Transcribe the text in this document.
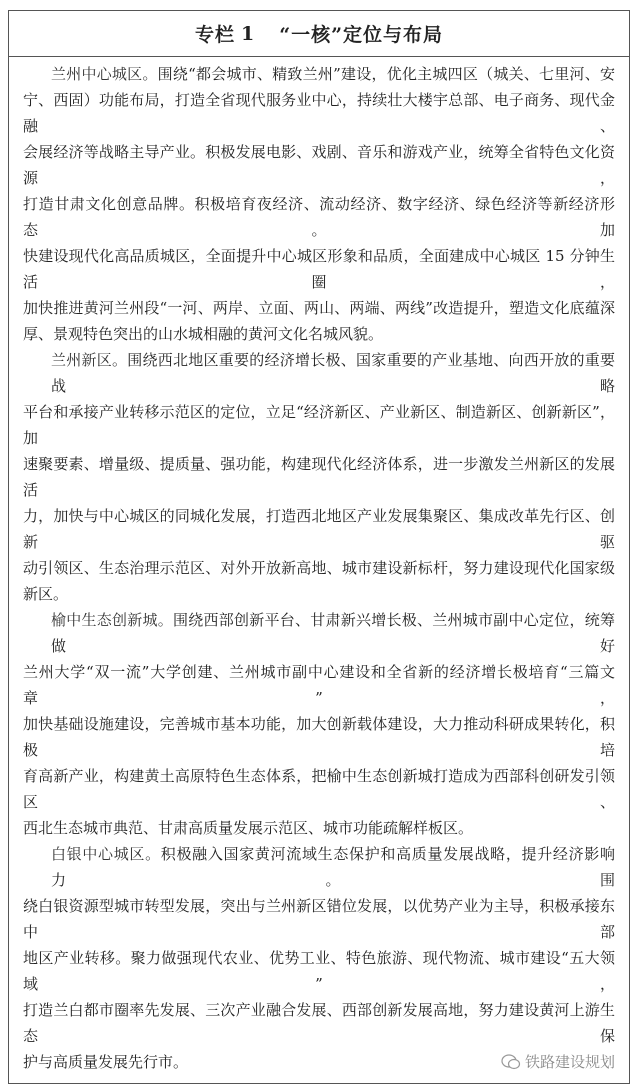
专栏 1 “一核”定位与布局
兰州中心城区。围绕“都会城市、精致兰州”建设，优化主城四区（城关、七里河、安
宁、西固）功能布局，打造全省现代服务业中心，持续壮大楼宇总部、电子商务、现代金融、
会展经济等战略主导产业。积极发展电影、戏剧、音乐和游戏产业，统筹全省特色文化资源，
打造甘肃文化创意品牌。积极培育夜经济、流动经济、数字经济、绿色经济等新经济形态。加
快建设现代化高品质城区，全面提升中心城区形象和品质，全面建成中心城区 15 分钟生活圈，
加快推进黄河兰州段“一河、两岸、立面、两山、两端、两线”改造提升，塑造文化底蕴深
厚、景观特色突出的山水城相融的黄河文化名城风貌。
兰州新区。围绕西北地区重要的经济增长极、国家重要的产业基地、向西开放的重要战略
平台和承接产业转移示范区的定位，立足“经济新区、产业新区、制造新区、创新新区”，加
速聚要素、增量级、提质量、强功能，构建现代化经济体系，进一步激发兰州新区的发展活
力，加快与中心城区的同城化发展，打造西北地区产业发展集聚区、集成改革先行区、创新驱
动引领区、生态治理示范区、对外开放新高地、城市建设新标杆，努力建设现代化国家级新区。
榆中生态创新城。围绕西部创新平台、甘肃新兴增长极、兰州城市副中心定位，统筹做好
兰州大学“双一流”大学创建、兰州城市副中心建设和全省新的经济增长极培育“三篇文章”，
加快基础设施建设，完善城市基本功能，加大创新载体建设，大力推动科研成果转化，积极培
育高新产业，构建黄土高原特色生态体系，把榆中生态创新城打造成为西部科创研发引领区、
西北生态城市典范、甘肃高质量发展示范区、城市功能疏解样板区。
白银中心城区。积极融入国家黄河流域生态保护和高质量发展战略，提升经济影响力。围
绕白银资源型城市转型发展，突出与兰州新区错位发展，以优势产业为主导，积极承接东中部
地区产业转移。聚力做强现代农业、优势工业、特色旅游、现代物流、城市建设“五大领域”，
打造兰白都市圈率先发展、三次产业融合发展、西部创新发展高地，努力建设黄河上游生态保
护与高质量发展先行市。	铁路建设规划
